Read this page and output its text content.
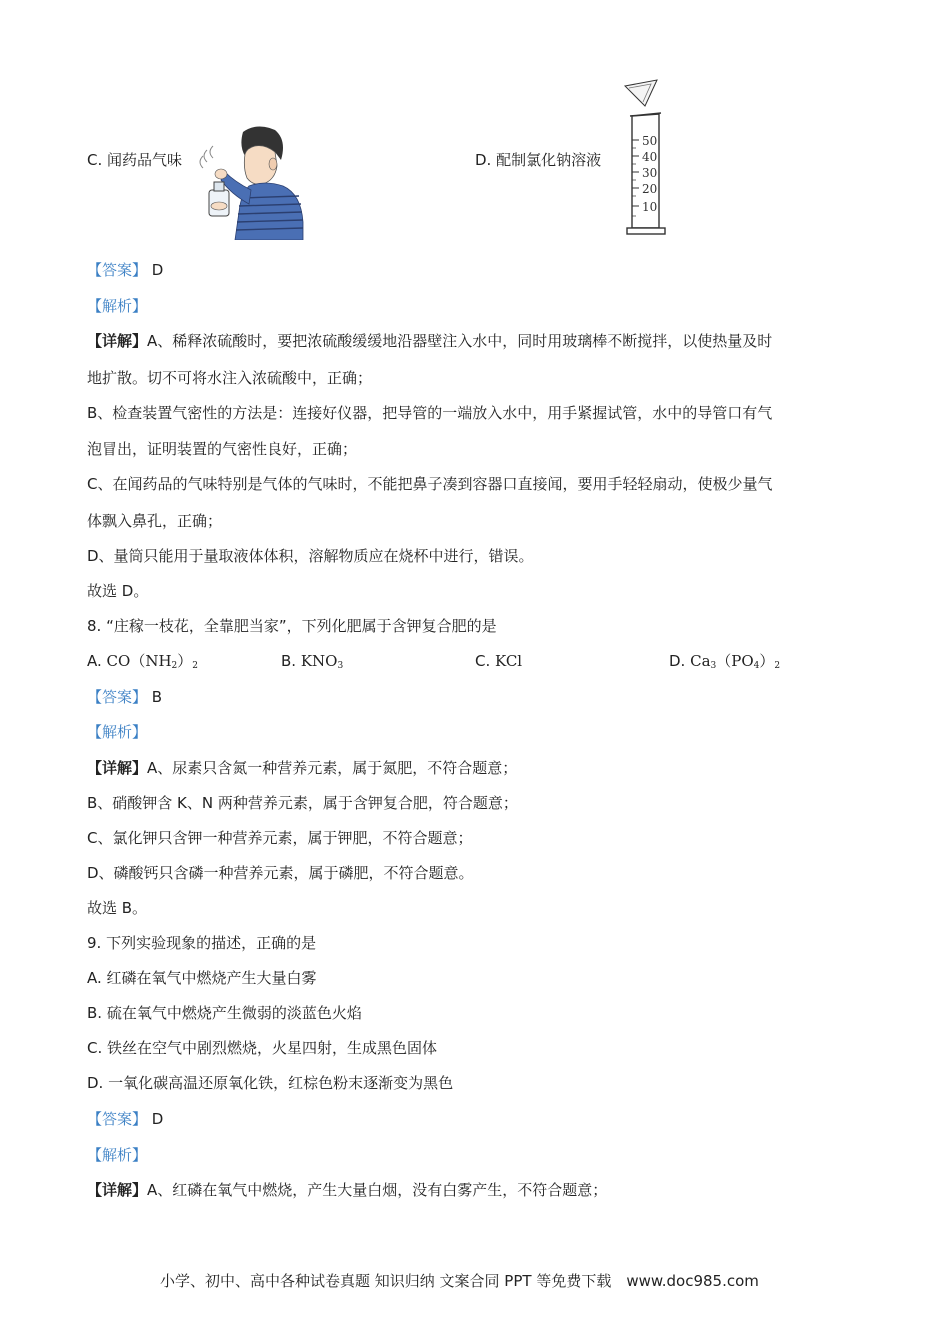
C. 闻药品气味	D. 配制氯化钠溶液
50
40
30
20
10
【答案】 D
【解析】
【详解】A、稀释浓硫酸时，要把浓硫酸缓缓地沿器壁注入水中，同时用玻璃棒不断搅拌，以使热量及时
地扩散。切不可将水注入浓硫酸中，正确；
B、检查装置气密性的方法是：连接好仪器，把导管的一端放入水中，用手紧握试管，水中的导管口有气
泡冒出，证明装置的气密性良好，正确；
C、在闻药品的气味特别是气体的气味时，不能把鼻子凑到容器口直接闻，要用手轻轻扇动，使极少量气
体飘入鼻孔，正确；
D、量筒只能用于量取液体体积，溶解物质应在烧杯中进行，错误。
故选 D。
8. “庄稼一枝花，全靠肥当家”，下列化肥属于含钾复合肥的是
A. $CO(NH_2)_2$	B. $KNO_3$	C. KCl	D. $Ca_3(PO_4)_2$
【答案】 B
【解析】
【详解】A、尿素只含氮一种营养元素，属于氮肥，不符合题意；
B、硝酸钾含 K、N 两种营养元素，属于含钾复合肥，符合题意；
C、氯化钾只含钾一种营养元素，属于钾肥，不符合题意；
D、磷酸钙只含磷一种营养元素，属于磷肥，不符合题意。
故选 B。
9. 下列实验现象的描述，正确的是
A. 红磷在氧气中燃烧产生大量白雾
B. 硫在氧气中燃烧产生微弱的淡蓝色火焰
C. 铁丝在空气中剧烈燃烧，火星四射，生成黑色固体
D. 一氧化碳高温还原氧化铁，红棕色粉末逐渐变为黑色
【答案】 D
【解析】
【详解】A、红磷在氧气中燃烧，产生大量白烟，没有白雾产生，不符合题意；
小学、初中、高中各种试卷真题 知识归纳 文案合同 PPT 等免费下载　www.doc985.com
